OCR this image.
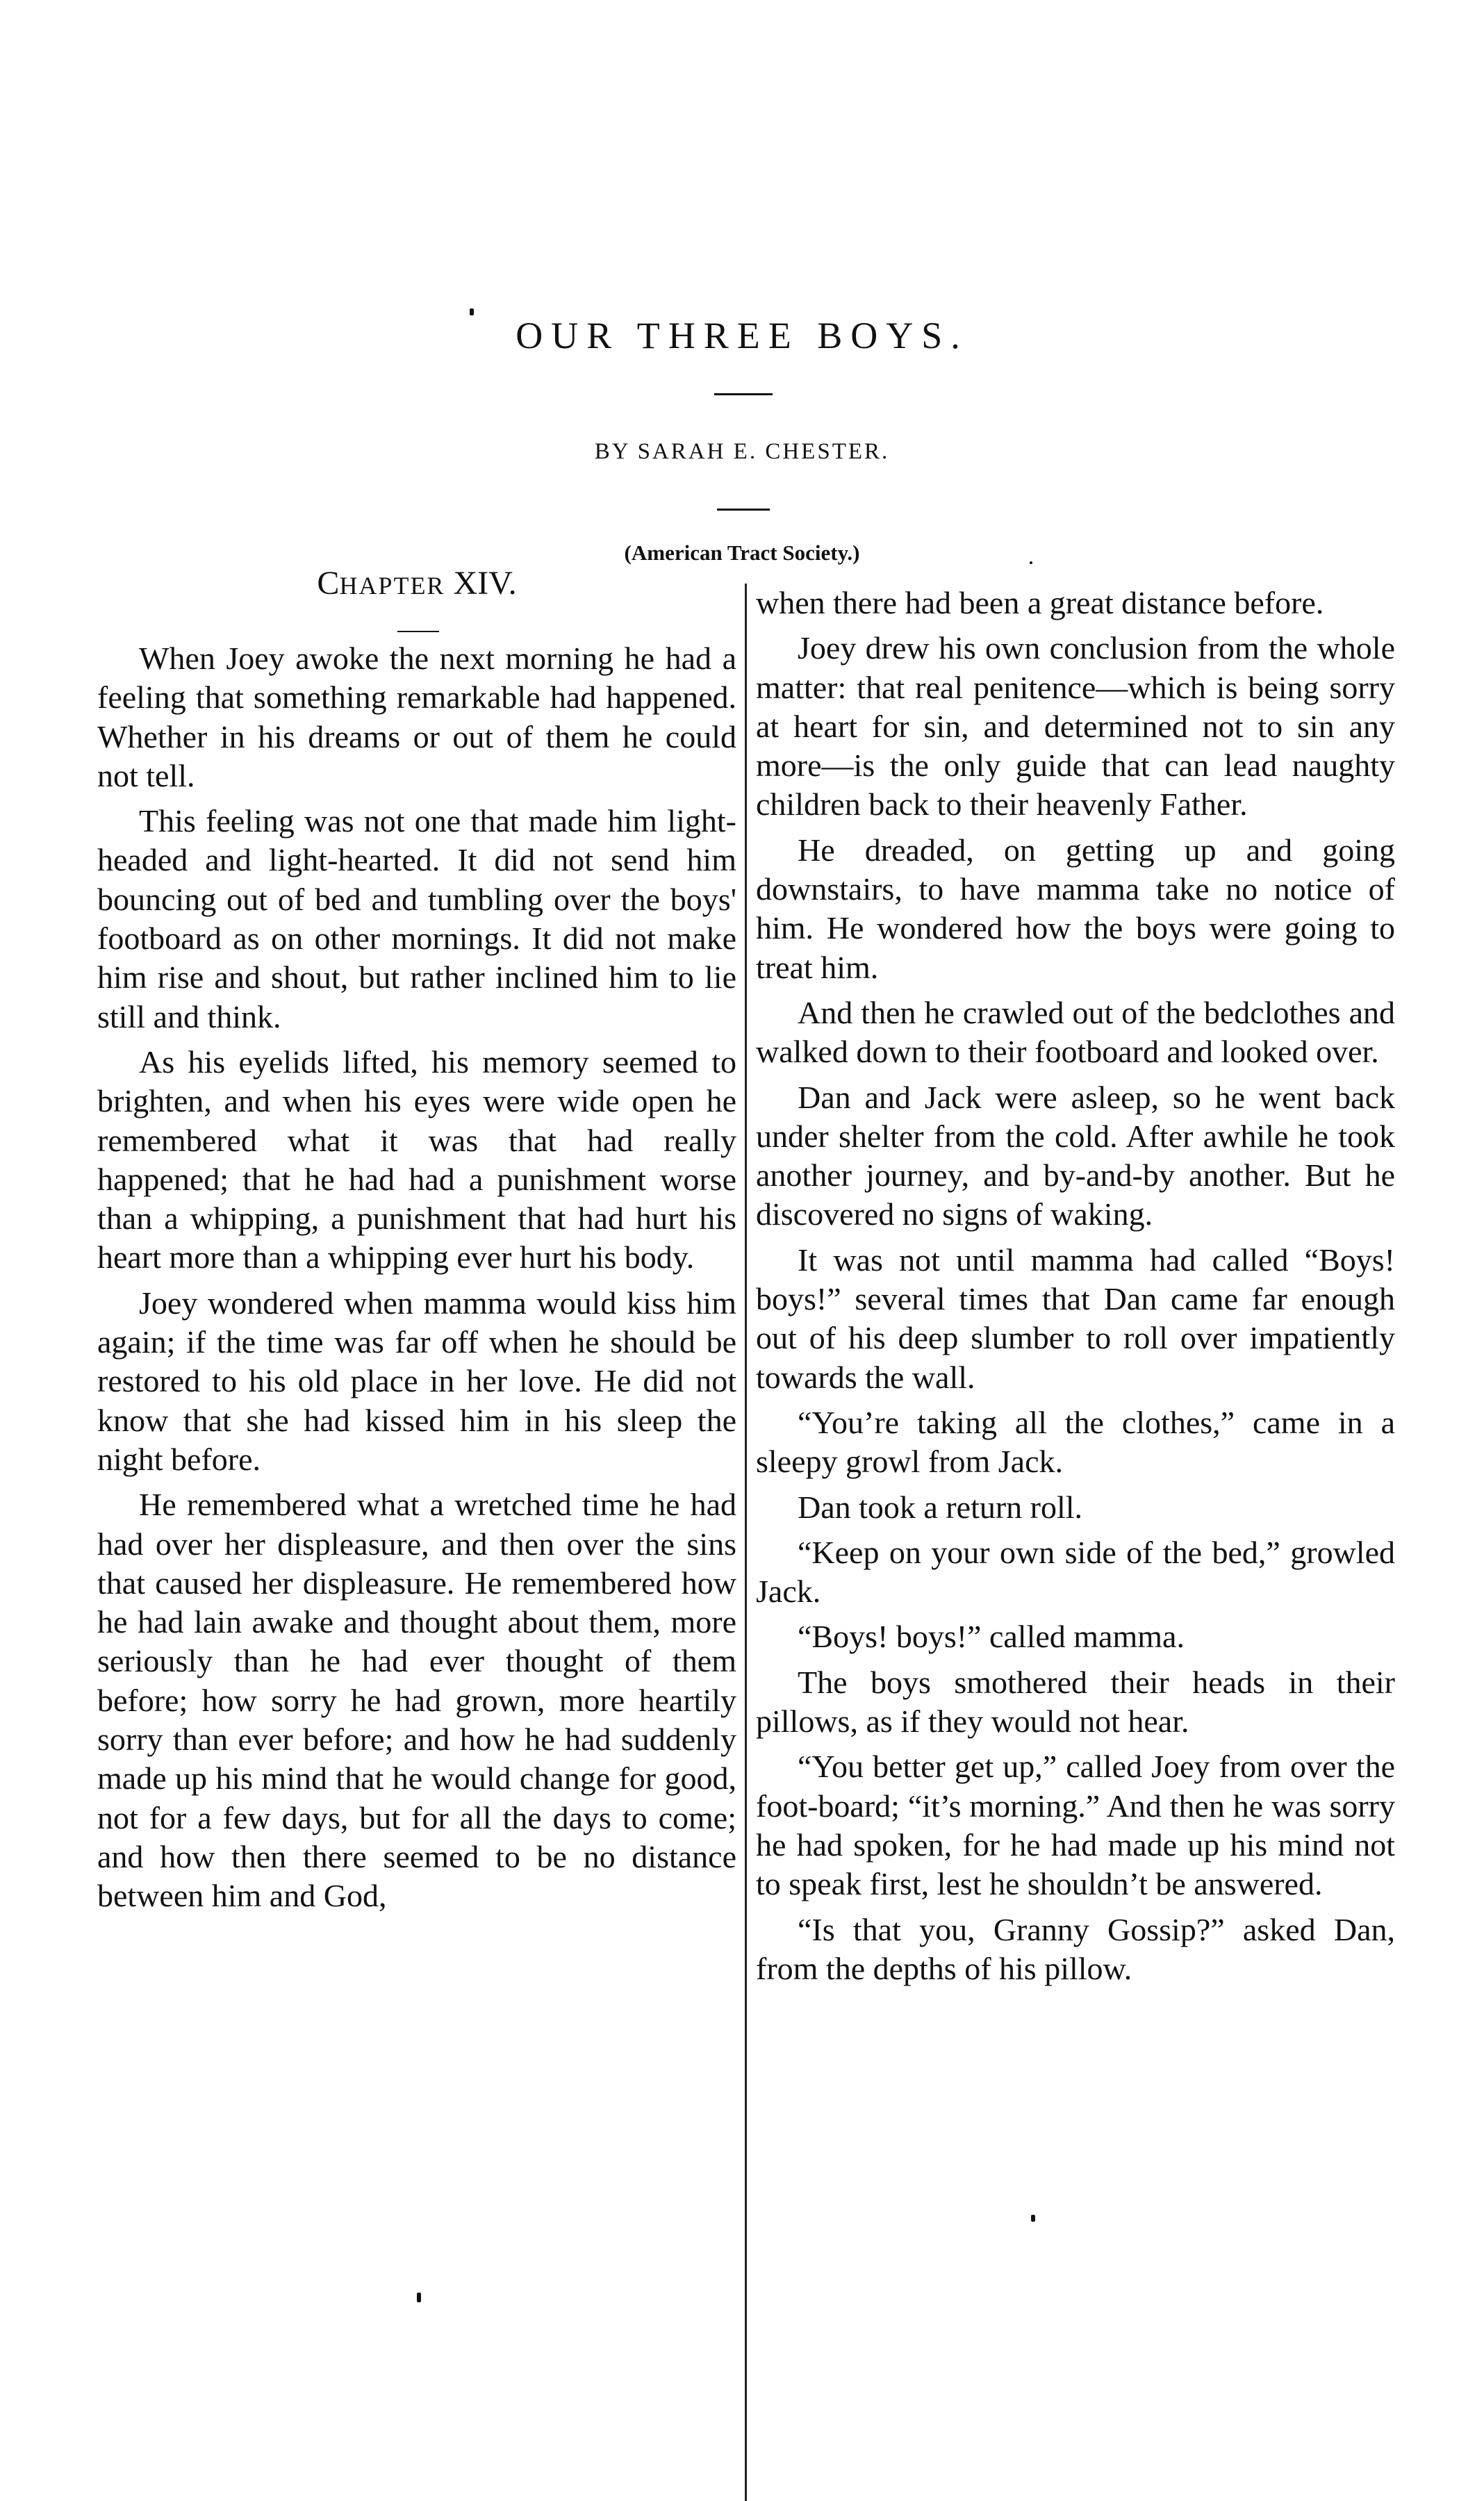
OUR THREE BOYS.
BY SARAH E. CHESTER.
(American Tract Society.)
CHAPTER XIV.

When Joey awoke the next morning he had a feeling that something remarkable had happened. Whether in his dreams or out of them he could not tell.

This feeling was not one that made him light-headed and light-hearted. It did not send him bouncing out of bed and tumbling over the boys' footboard as on other mornings. It did not make him rise and shout, but rather inclined him to lie still and think.

As his eyelids lifted, his memory seemed to brighten, and when his eyes were wide open he remembered what it was that had really happened; that he had had a punishment worse than a whipping, a punishment that had hurt his heart more than a whipping ever hurt his body.

Joey wondered when mamma would kiss him again; if the time was far off when he should be restored to his old place in her love. He did not know that she had kissed him in his sleep the night before.

He remembered what a wretched time he had had over her displeasure, and then over the sins that caused her displeasure. He remembered how he had lain awake and thought about them, more seriously than he had ever thought of them before; how sorry he had grown, more heartily sorry than ever before; and how he had suddenly made up his mind that he would change for good, not for a few days, but for all the days to come; and how then there seemed to be no distance between him and God,

when there had been a great distance before.

Joey drew his own conclusion from the whole matter: that real penitence—which is being sorry at heart for sin, and determined not to sin any more—is the only guide that can lead naughty children back to their heavenly Father.

He dreaded, on getting up and going downstairs, to have mamma take no notice of him. He wondered how the boys were going to treat him.

And then he crawled out of the bedclothes and walked down to their footboard and looked over.

Dan and Jack were asleep, so he went back under shelter from the cold. After awhile he took another journey, and by-and-by another. But he discovered no signs of waking.

It was not until mamma had called “Boys! boys!” several times that Dan came far enough out of his deep slumber to roll over impatiently towards the wall.

“You’re taking all the clothes,” came in a sleepy growl from Jack.

Dan took a return roll.

“Keep on your own side of the bed,” growled Jack.

“Boys! boys!” called mamma.

The boys smothered their heads in their pillows, as if they would not hear.

“You better get up,” called Joey from over the foot-board; “it’s morning.” And then he was sorry he had spoken, for he had made up his mind not to speak first, lest he shouldn’t be answered.

“Is that you, Granny Gossip?” asked Dan, from the depths of his pillow.
